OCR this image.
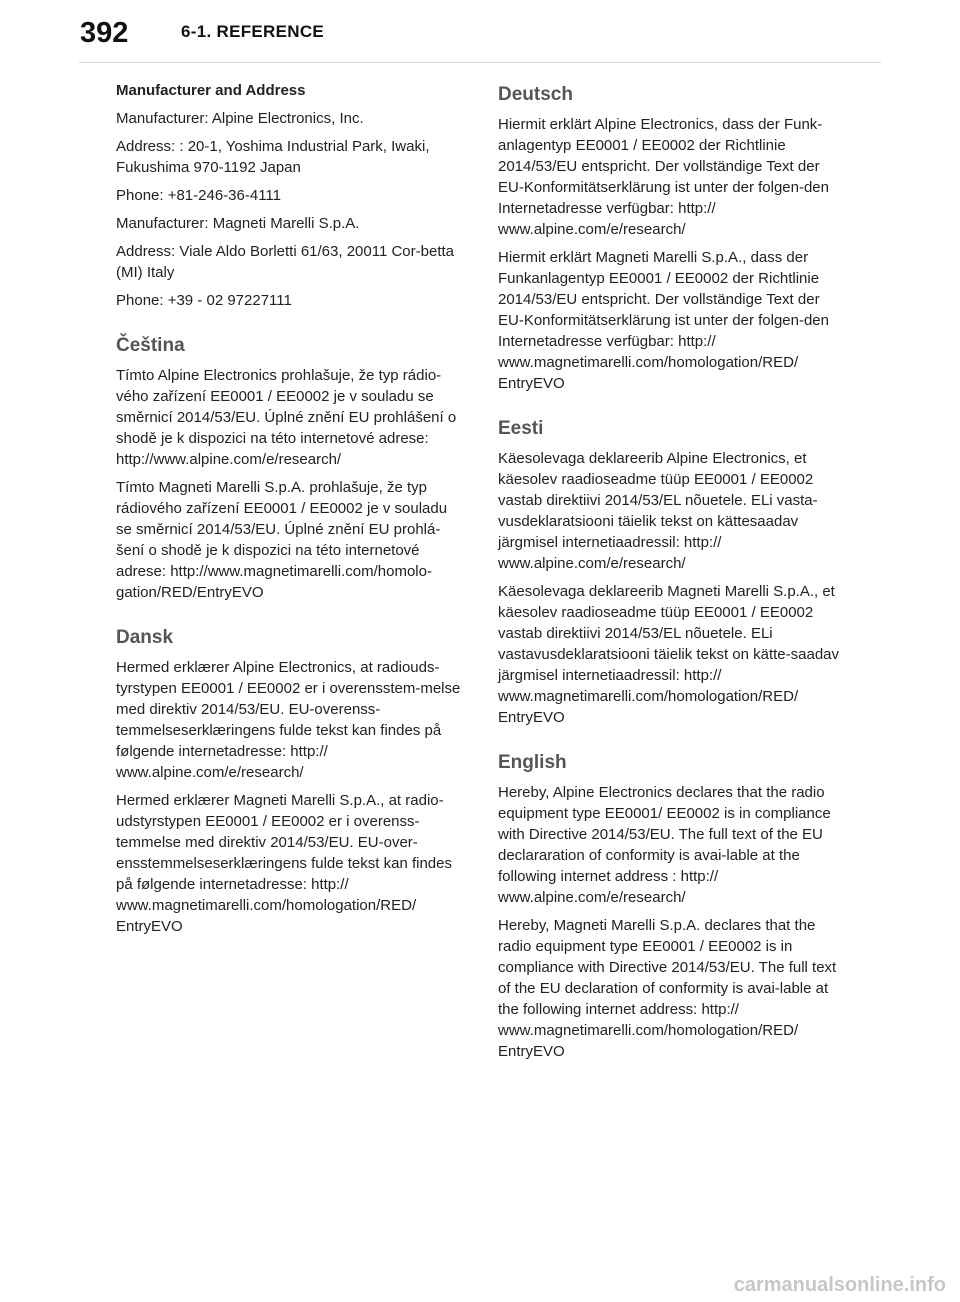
392	6-1. REFERENCE

Manufacturer and Address

Manufacturer: Alpine Electronics, Inc.

Address: : 20-1, Yoshima Industrial Park, Iwaki, Fukushima 970-1192 Japan

Phone: +81-246-36-4111

Manufacturer: Magneti Marelli S.p.A.

Address: Viale Aldo Borletti 61/63, 20011 Cor-betta (MI) Italy

Phone: +39 - 02 97227111

Čeština

Tímto Alpine Electronics prohlašuje, že typ rádio-vého zařízení EE0001 / EE0002 je v souladu se směrnicí 2014/53/EU. Úplné znění EU prohlášení o shodě je k dispozici na této internetové adrese: http://www.alpine.com/e/research/

Tímto Magneti Marelli S.p.A. prohlašuje, že typ rádiového zařízení EE0001 / EE0002 je v souladu se směrnicí 2014/53/EU. Úplné znění EU prohlá-šení o shodě je k dispozici na této internetové adrese: http://www.magnetimarelli.com/homolo-gation/RED/EntryEVO

Dansk

Hermed erklærer Alpine Electronics, at radiouds-tyrstypen EE0001 / EE0002 er i overensstem-melse med direktiv 2014/53/EU. EU-overenss-temmelseserklæringens fulde tekst kan findes på følgende internetadresse: http:// www.alpine.com/e/research/

Hermed erklærer Magneti Marelli S.p.A., at radio-udstyrstypen EE0001 / EE0002 er i overenss-temmelse med direktiv 2014/53/EU. EU-over-ensstemmelseserklæringens fulde tekst kan findes på følgende internetadresse: http:// www.magnetimarelli.com/homologation/RED/ EntryEVO

Deutsch

Hiermit erklärt Alpine Electronics, dass der Funk-anlagentyp EE0001 / EE0002 der Richtlinie 2014/53/EU entspricht. Der vollständige Text der EU-Konformitätserklärung ist unter der folgen-den Internetadresse verfügbar: http:// www.alpine.com/e/research/

Hiermit erklärt Magneti Marelli S.p.A., dass der Funkanlagentyp EE0001 / EE0002 der Richtlinie 2014/53/EU entspricht. Der vollständige Text der EU-Konformitätserklärung ist unter der folgen-den Internetadresse verfügbar: http:// www.magnetimarelli.com/homologation/RED/ EntryEVO

Eesti

Käesolevaga deklareerib Alpine Electronics, et käesolev raadioseadme tüüp EE0001 / EE0002 vastab direktiivi 2014/53/EL nõuetele. ELi vasta-vusdeklaratsiooni täielik tekst on kättesaadav järgmisel internetiaadressil: http:// www.alpine.com/e/research/

Käesolevaga deklareerib Magneti Marelli S.p.A., et käesolev raadioseadme tüüp EE0001 / EE0002 vastab direktiivi 2014/53/EL nõuetele. ELi vastavusdeklaratsiooni täielik tekst on kätte-saadav järgmisel internetiaadressil: http:// www.magnetimarelli.com/homologation/RED/ EntryEVO

English

Hereby, Alpine Electronics declares that the radio equipment type EE0001/ EE0002 is in compliance with Directive 2014/53/EU. The full text of the EU declararation of conformity is avai-lable at the following internet address : http:// www.alpine.com/e/research/

Hereby, Magneti Marelli S.p.A. declares that the radio equipment type EE0001 / EE0002 is in compliance with Directive 2014/53/EU. The full text of the EU declaration of conformity is avai-lable at the following internet address: http:// www.magnetimarelli.com/homologation/RED/ EntryEVO

carmanualsonline.info
